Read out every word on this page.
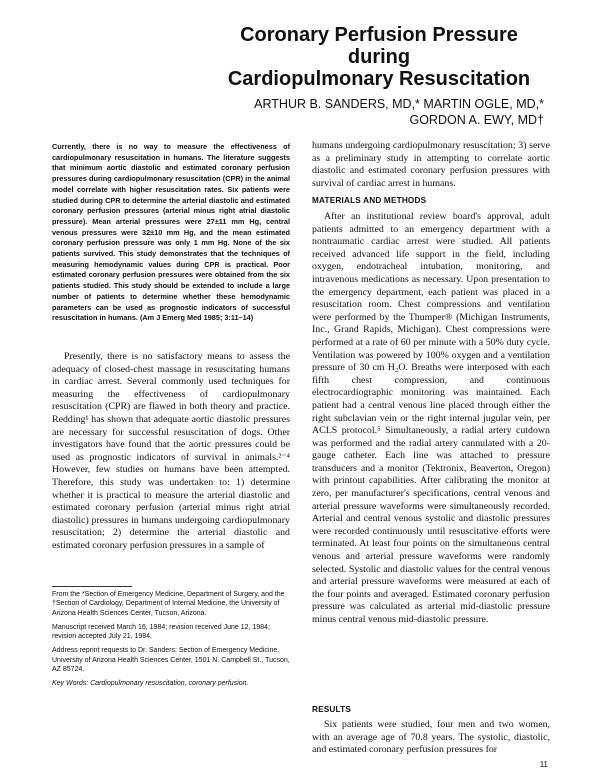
Coronary Perfusion Pressure during
Cardiopulmonary Resuscitation
ARTHUR B. SANDERS, MD,* MARTIN OGLE, MD,*
GORDON A. EWY, MD†

Currently, there is no way to measure the effectiveness of cardiopulmonary resuscitation in humans. The literature suggests that minimum aortic diastolic and estimated coronary perfusion pressures during cardiopulmonary resuscitation (CPR) in the animal model correlate with higher resuscitation rates. Six patients were studied during CPR to determine the arterial diastolic and estimated coronary perfusion pressures (arterial minus right atrial diastolic pressure). Mean arterial pressures were 27±11 mm Hg, central venous pressures were 32±10 mm Hg, and the mean estimated coronary perfusion pressure was only 1 mm Hg. None of the six patients survived. This study demonstrates that the techniques of measuring hemodynamic values during CPR is practical. Poor estimated coronary perfusion pressures were obtained from the six patients studied. This study should be extended to include a large number of patients to determine whether these hemodynamic parameters can be used as prognostic indicators of successful resuscitation in humans. (Am J Emerg Med 1985; 3:11–14)

Presently, there is no satisfactory means to assess the adequacy of closed-chest massage in resuscitating humans in cardiac arrest. Several commonly used techniques for measuring the effectiveness of cardiopulmonary resuscitation (CPR) are flawed in both theory and practice. Redding¹ has shown that adequate aortic diastolic pressures are necessary for successful resuscitation of dogs. Other investigators have found that the aortic pressures could be used as prognostic indicators of survival in animals.²⁻⁴ However, few studies on humans have been attempted. Therefore, this study was undertaken to: 1) determine whether it is practical to measure the arterial diastolic and estimated coronary perfusion (arterial minus right atrial diastolic) pressures in humans undergoing cardiopulmonary resuscitation; 2) determine the arterial diastolic and estimated coronary perfusion pressures in a sample of

From the *Section of Emergency Medicine, Department of Surgery, and the †Section of Cardiology, Department of Internal Medicine, the University of Arizona Health Sciences Center, Tucson, Arizona.

Manuscript received March 16, 1984; revision received June 12, 1984; revision accepted July 21, 1984.

Address reprint requests to Dr. Sanders: Section of Emergency Medicine, University of Arizona Health Sciences Center, 1501 N. Campbell St., Tucson, AZ 85724.

Key Words: Cardiopulmonary resuscitation, coronary perfusion.

humans undergoing cardiopulmonary resuscitation; 3) serve as a preliminary study in attempting to correlate aortic diastolic and estimated coronary perfusion pressures with survival of cardiac arrest in humans.

MATERIALS AND METHODS

After an institutional review board's approval, adult patients admitted to an emergency department with a nontraumatic cardiac arrest were studied. All patients received advanced life support in the field, including oxygen, endotracheal intubation, monitoring, and intravenous medications as necessary. Upon presentation to the emergency department, each patient was placed in a resuscitation room. Chest compressions and ventilation were performed by the Thumper® (Michigan Instruments, Inc., Grand Rapids, Michigan). Chest compressions were performed at a rate of 60 per minute with a 50% duty cycle. Ventilation was powered by 100% oxygen and a ventilation pressure of 30 cm H₂O. Breaths were interposed with each fifth chest compression, and continuous electrocardiographic monitoring was maintained. Each patient had a central venous line placed through either the right subclavian vein or the right internal jugular vein, per ACLS protocol.⁵ Simultaneously, a radial artery cutdown was performed and the radial artery cannulated with a 20-gauge catheter. Each line was attached to pressure transducers and a monitor (Tektronix, Beaverton, Oregon) with printout capabilities. After calibrating the monitor at zero, per manufacturer's specifications, central venous and arterial pressure waveforms were simultaneously recorded. Arterial and central venous systolic and diastolic pressures were recorded continuously until resuscitative efforts were terminated. At least four points on the simultaneous central venous and arterial pressure waveforms were randomly selected. Systolic and diastolic values for the central venous and arterial pressure waveforms were measured at each of the four points and averaged. Estimated coronary perfusion pressure was calculated as arterial mid-diastolic pressure minus central venous mid-diastolic pressure.

RESULTS

Six patients were studied, four men and two women, with an average age of 70.8 years. The systolic, diastolic, and estimated coronary perfusion pressures for

11
